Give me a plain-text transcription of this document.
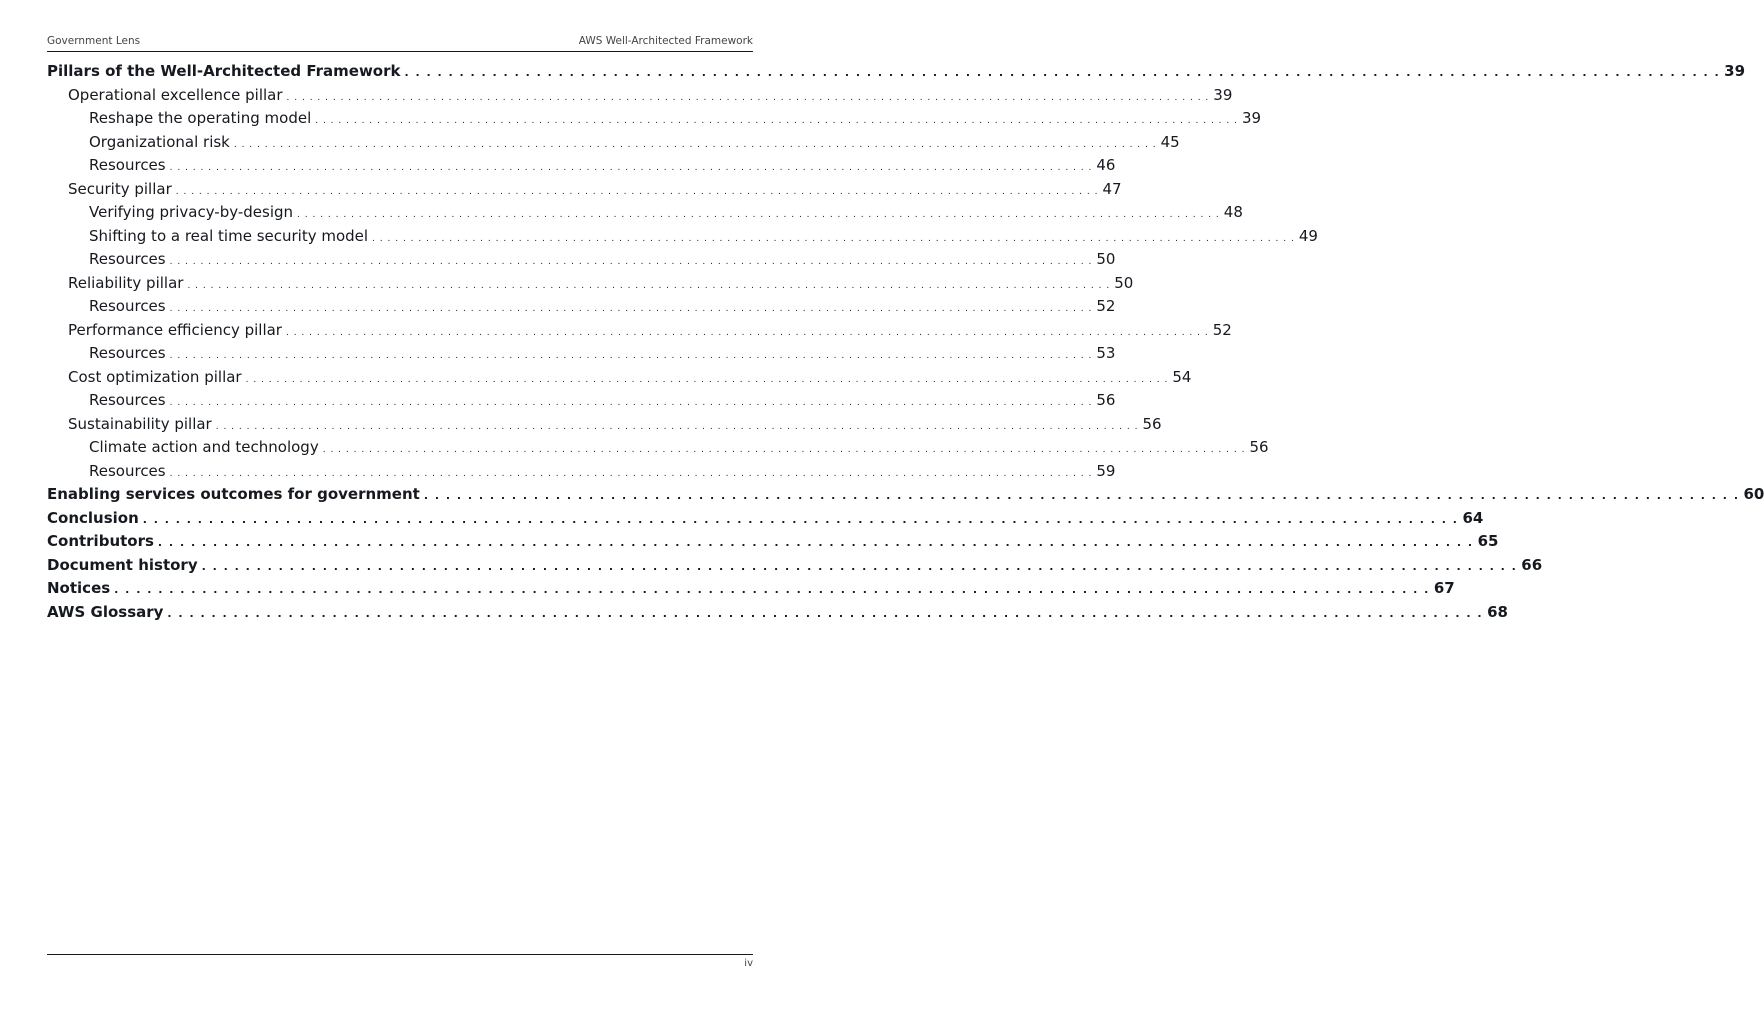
Government Lens	AWS Well-Architected Framework
Pillars of the Well-Architected Framework . . . . . . . . . . . . . . . . . . . . . . . . . . . . . . . . . . . . . . . . . . . . . . . . . . . . . . . . . . . . . . . . . . . . . . . . . . . . . . . . . . . . . . . . . . . . . . . . . . . . . . . . . . . . . . . . . . . . . . . . 39
Operational excellence pillar . . . . . . . . . . . . . . . . . . . . . . . . . . . . . . . . . . . . . . . . . . . . . . . . . . . . . . . . . . . . . . . . . . . . . . . . . . . . . . . . . . . . . . . . . . . . . . . . . . . . . . . . . . . . . . . . . . . . . . . . 39
Reshape the operating model . . . . . . . . . . . . . . . . . . . . . . . . . . . . . . . . . . . . . . . . . . . . . . . . . . . . . . . . . . . . . . . . . . . . . . . . . . . . . . . . . . . . . . . . . . . . . . . . . . . . . . . . . . . . . . . . . . . . . . . . 39
Organizational risk . . . . . . . . . . . . . . . . . . . . . . . . . . . . . . . . . . . . . . . . . . . . . . . . . . . . . . . . . . . . . . . . . . . . . . . . . . . . . . . . . . . . . . . . . . . . . . . . . . . . . . . . . . . . . . . . . . . . . . . . 45
Resources . . . . . . . . . . . . . . . . . . . . . . . . . . . . . . . . . . . . . . . . . . . . . . . . . . . . . . . . . . . . . . . . . . . . . . . . . . . . . . . . . . . . . . . . . . . . . . . . . . . . . . . . . . . . . . . . . . . . . . . . 46
Security pillar . . . . . . . . . . . . . . . . . . . . . . . . . . . . . . . . . . . . . . . . . . . . . . . . . . . . . . . . . . . . . . . . . . . . . . . . . . . . . . . . . . . . . . . . . . . . . . . . . . . . . . . . . . . . . . . . . . . . . . . . 47
Verifying privacy-by-design . . . . . . . . . . . . . . . . . . . . . . . . . . . . . . . . . . . . . . . . . . . . . . . . . . . . . . . . . . . . . . . . . . . . . . . . . . . . . . . . . . . . . . . . . . . . . . . . . . . . . . . . . . . . . . . . . . . . . . . . 48
Shifting to a real time security model . . . . . . . . . . . . . . . . . . . . . . . . . . . . . . . . . . . . . . . . . . . . . . . . . . . . . . . . . . . . . . . . . . . . . . . . . . . . . . . . . . . . . . . . . . . . . . . . . . . . . . . . . . . . . . . . . . . . . . . . 49
Resources . . . . . . . . . . . . . . . . . . . . . . . . . . . . . . . . . . . . . . . . . . . . . . . . . . . . . . . . . . . . . . . . . . . . . . . . . . . . . . . . . . . . . . . . . . . . . . . . . . . . . . . . . . . . . . . . . . . . . . . . 50
Reliability pillar . . . . . . . . . . . . . . . . . . . . . . . . . . . . . . . . . . . . . . . . . . . . . . . . . . . . . . . . . . . . . . . . . . . . . . . . . . . . . . . . . . . . . . . . . . . . . . . . . . . . . . . . . . . . . . . . . . . . . . . . 50
Resources . . . . . . . . . . . . . . . . . . . . . . . . . . . . . . . . . . . . . . . . . . . . . . . . . . . . . . . . . . . . . . . . . . . . . . . . . . . . . . . . . . . . . . . . . . . . . . . . . . . . . . . . . . . . . . . . . . . . . . . . 52
Performance efficiency pillar . . . . . . . . . . . . . . . . . . . . . . . . . . . . . . . . . . . . . . . . . . . . . . . . . . . . . . . . . . . . . . . . . . . . . . . . . . . . . . . . . . . . . . . . . . . . . . . . . . . . . . . . . . . . . . . . . . . . . . . . 52
Resources . . . . . . . . . . . . . . . . . . . . . . . . . . . . . . . . . . . . . . . . . . . . . . . . . . . . . . . . . . . . . . . . . . . . . . . . . . . . . . . . . . . . . . . . . . . . . . . . . . . . . . . . . . . . . . . . . . . . . . . . 53
Cost optimization pillar . . . . . . . . . . . . . . . . . . . . . . . . . . . . . . . . . . . . . . . . . . . . . . . . . . . . . . . . . . . . . . . . . . . . . . . . . . . . . . . . . . . . . . . . . . . . . . . . . . . . . . . . . . . . . . . . . . . . . . . . 54
Resources . . . . . . . . . . . . . . . . . . . . . . . . . . . . . . . . . . . . . . . . . . . . . . . . . . . . . . . . . . . . . . . . . . . . . . . . . . . . . . . . . . . . . . . . . . . . . . . . . . . . . . . . . . . . . . . . . . . . . . . . 56
Sustainability pillar . . . . . . . . . . . . . . . . . . . . . . . . . . . . . . . . . . . . . . . . . . . . . . . . . . . . . . . . . . . . . . . . . . . . . . . . . . . . . . . . . . . . . . . . . . . . . . . . . . . . . . . . . . . . . . . . . . . . . . . . 56
Climate action and technology . . . . . . . . . . . . . . . . . . . . . . . . . . . . . . . . . . . . . . . . . . . . . . . . . . . . . . . . . . . . . . . . . . . . . . . . . . . . . . . . . . . . . . . . . . . . . . . . . . . . . . . . . . . . . . . . . . . . . . . . 56
Resources . . . . . . . . . . . . . . . . . . . . . . . . . . . . . . . . . . . . . . . . . . . . . . . . . . . . . . . . . . . . . . . . . . . . . . . . . . . . . . . . . . . . . . . . . . . . . . . . . . . . . . . . . . . . . . . . . . . . . . . . 59
Enabling services outcomes for government . . . . . . . . . . . . . . . . . . . . . . . . . . . . . . . . . . . . . . . . . . . . . . . . . . . . . . . . . . . . . . . . . . . . . . . . . . . . . . . . . . . . . . . . . . . . . . . . . . . . . . . . . . . . . . . . . . . . . . . . 60
Conclusion . . . . . . . . . . . . . . . . . . . . . . . . . . . . . . . . . . . . . . . . . . . . . . . . . . . . . . . . . . . . . . . . . . . . . . . . . . . . . . . . . . . . . . . . . . . . . . . . . . . . . . . . . . . . . . . . . . . . . . . . 64
Contributors . . . . . . . . . . . . . . . . . . . . . . . . . . . . . . . . . . . . . . . . . . . . . . . . . . . . . . . . . . . . . . . . . . . . . . . . . . . . . . . . . . . . . . . . . . . . . . . . . . . . . . . . . . . . . . . . . . . . . . . . 65
Document history . . . . . . . . . . . . . . . . . . . . . . . . . . . . . . . . . . . . . . . . . . . . . . . . . . . . . . . . . . . . . . . . . . . . . . . . . . . . . . . . . . . . . . . . . . . . . . . . . . . . . . . . . . . . . . . . . . . . . . . . 66
Notices . . . . . . . . . . . . . . . . . . . . . . . . . . . . . . . . . . . . . . . . . . . . . . . . . . . . . . . . . . . . . . . . . . . . . . . . . . . . . . . . . . . . . . . . . . . . . . . . . . . . . . . . . . . . . . . . . . . . . . . . 67
AWS Glossary . . . . . . . . . . . . . . . . . . . . . . . . . . . . . . . . . . . . . . . . . . . . . . . . . . . . . . . . . . . . . . . . . . . . . . . . . . . . . . . . . . . . . . . . . . . . . . . . . . . . . . . . . . . . . . . . . . . . . . . . 68
iv
